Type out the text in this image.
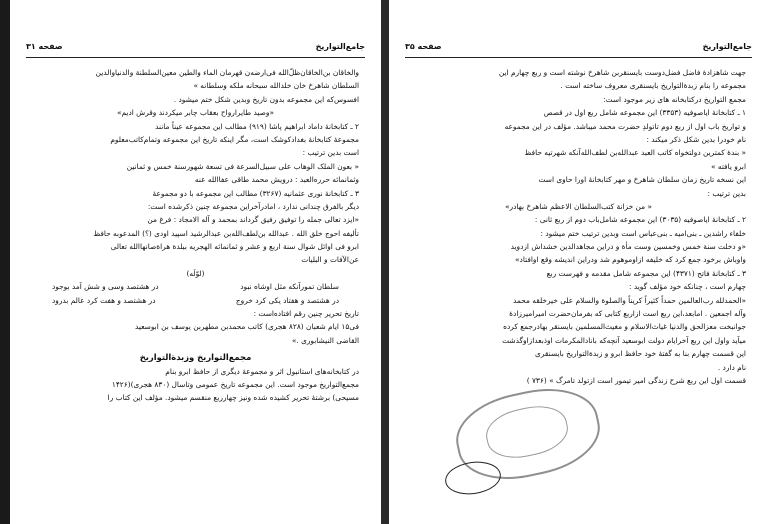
جامع‌التواریخ
صفحه ۳۱
والخاقان بن‌الخاقان‌ظلّ‌الله فی‌ارضه‌ن قهرمان الماء والطین معین‌السلطنة والدنیاوالدین
السلطان شاهرخ خان خلدالله سبحانه ملکه وسلطانه »
افسوس‌که این مجموعه بدون تاریخ وبدین شکل ختم میشود .
«وصید طایرارواح بعقاب چابر میکردند وقرش ادیم»
۲ ـ کتابخانهٔ داماد ابراهیم پاشا (۹۱۹) مطالب این مجموعه عیناً مانند
مجموعهٔ کتابخانهٔ بغدادکوشک است، مگر اینکه تاریخ این مجموعه وتمام‌کاتب‌معلوم
است بدین ترتیب :
« بعون الملک الوهاب علی سبیل‌السرعة فی تسعة شهورسنة خمس و ثمانین
وثمانمائه حرره‌العبد : درویش محمد طاقی عفاالله عنه
۳ ـ کتابخانهٔ نوری عثمانیه (۳۲۶۷) مطالب این مجموعه با دو مجموعهٔ
دیگر بالفرق چندانی ندارد ، امادرآخراین مجموعه چنین ذکرشده است:
«ایزد تعالی جمله را توفیق رفیق گرداند بمحمد و آله الامجاد : فرغ من
تألیفه احوج خلق الله . عبدالله بن‌لطف‌الله‌بن عبدالرشید اسپید اودی (؟) المدعوبه حافظ
ابرو فی اوائل شوال سنة اربع و عشر و ثمانمائه الهجریه ببلدة هراة‌صانهاالله تعالی
عن‌الآفات و البلیات
(لوّلَه)
سلطان تمورآنکه مثل اوشاه نبود
در هشتصد وسی و شش آمد بوجود
در هشتصد و هفتاد یکی کرد خروج
در هشتصد و هفت کرد عالم بدرود
تاریخ تحریر چنین رقم افتاده‌است :
فی‌۱۵ ایام شعبان (۸۲۸ هجری) کاتب محمدبن مطهربن یوسف بن ابوسعید
القاضی النیشابوری .»
مجمع‌التواریخ وزبدة‌التواریخ
در کتابخانه‌های استانبول اثر و مجموعهٔ دیگری از حافظ ابرو بنام
مجمع‌التواریخ موجود است. این مجموعه تاریخ عمومی وتاسال (۸۳۰ هجری)(۱۴۲۶
مسیحی) برشتهٔ تحریر کشیده شده ونیز چهارربع منقسم میشود. مؤلف این کتاب را
جامع‌التواریخ
صفحه ۳۵
جهت شاهزادهٔ فاضل فضل‌دوست بایسنقربن شاهرخ نوشته است و ربع چهارم این
مجموعه را بنام زبدة‌التواریخ بایسنقری معروف ساخته است .
مجمع التواریخ درکتابخانه های زیر موجود است:
۱ ـ کتابخانهٔ ایاصوفیه (۳۳۵۳) این مجموعه شامل ربع اول در قصص
و تواریخ باب اول از ربع دوم تاتولدِ حضرت محمد میباشد. مؤلف در این مجموعه
نام خودرا بدین شکل ذکر میکند :
« بندهٔ کمترین دولتخواه کاتب العبد عبدالله‌بن لطف‌الله‌آنکه شهرتیه حافظ
ابرو یافته »
این نسخه تاریخ زمان سلطان شاهرخ و مهر کتابخانهٔ اورا حاوی است
بدین ترتیب :
« من خزانة کتب‌السلطان الاعظم شاهرخ بهادر»
۲ ـ کتابخانهٔ ایاصوفیه (۳۰۳۵) این مجموعه شامل‌باب دوم از ربع ثانی :
خلفاء راشدین ـ بنی‌امیه ـ بنی‌عباس است وبدین ترتیب ختم میشود :
«و دخلت سنة خمس وخمسین وست مأة و دراین مجاهدالدین خشداش ازدوید
واوباش برخود جمع کرد که خلیفه ازاوموهوم شد ودراین اندیشه وقع اوافتاد»
۳ ـ کتابخانهٔ فاتح (۴۳۷۱) این مجموعه شامل مقدمه و فهرست ربع
چهارم است ، چنانکه خود مؤلف گوید :
«الحمدلله رب‌العالمین حمداً کثیراً کریناً والصلوة والسلام علی خیرخلقه محمد
وآله اجمعین . امابعد،این ربع است ازاربع کتابی که بفرمان‌حضرت امیرامیرزادهٔ
جوانبخت معزالحق والدنیا غیاث‌الاسلام و مغیث‌المسلمین بایسنقر بهادرجمع کرده
میآید واول این ربع آخرایام دولت ابوسعید آنچه‌که بانادالمکرمات اوذ‌بعدازاوگذشت
این قسمت چهارم بنا به گفتهٔ خود حافظ ابرو و زبدة‌التواریخ بایسنقری
نام دارد .
قسمت اول این ربع شرح زندگی امیر تیمور است ازتولد تامرگ » (۷۳۶ )
